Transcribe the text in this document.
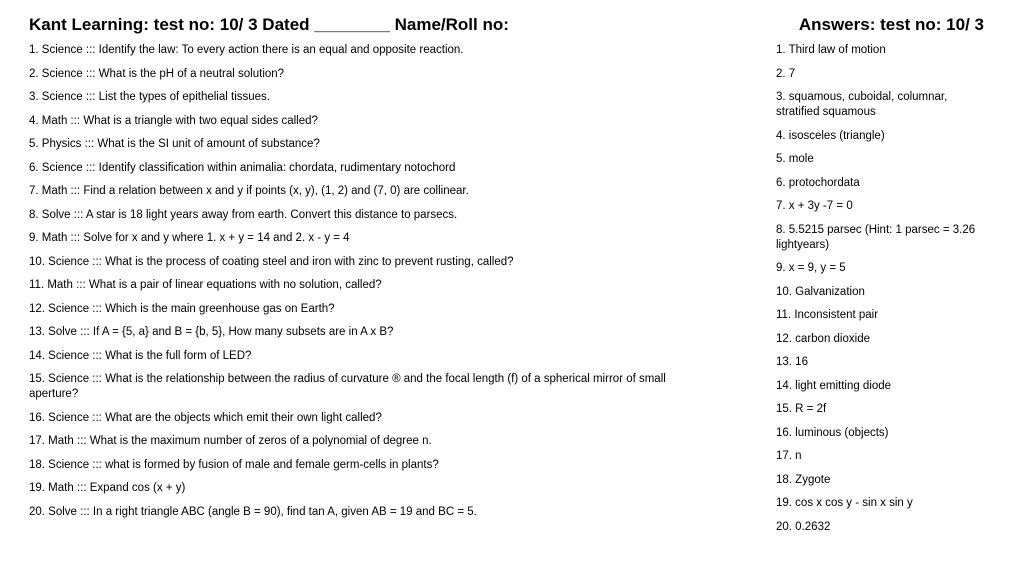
Kant Learning: test no: 10/ 3 Dated ________ Name/Roll no:	Answers: test no: 10/ 3
1. Science ::: Identify the law: To every action there is an equal and opposite reaction.
2. Science ::: What is the pH of a neutral solution?
3. Science ::: List the types of epithelial tissues.
4. Math ::: What is a triangle with two equal sides called?
5. Physics ::: What is the SI unit of amount of substance?
6. Science ::: Identify classification within animalia: chordata, rudimentary notochord
7. Math ::: Find a relation between x and y if points (x, y), (1, 2) and (7, 0) are collinear.
8. Solve ::: A star is 18 light years away from earth. Convert this distance to parsecs.
9. Math ::: Solve for x and y where 1. x + y = 14 and 2. x - y = 4
10. Science ::: What is the process of coating steel and iron with zinc to prevent rusting, called?
11. Math ::: What is a pair of linear equations with no solution, called?
12. Science ::: Which is the main greenhouse gas on Earth?
13. Solve ::: If A = {5, a} and B = {b, 5}, How many subsets are in A x B?
14. Science ::: What is the full form of LED?
15. Science ::: What is the relationship between the radius of curvature ® and the focal length (f) of a spherical mirror of small aperture?
16. Science ::: What are the objects which emit their own light called?
17. Math ::: What is the maximum number of zeros of a polynomial of degree n.
18. Science ::: what is formed by fusion of male and female germ-cells in plants?
19. Math ::: Expand cos (x + y)
20. Solve ::: In a right triangle ABC (angle B = 90), find tan A, given AB = 19 and BC = 5.
1. Third law of motion
2. 7
3. squamous, cuboidal, columnar, stratified squamous
4. isosceles (triangle)
5. mole
6. protochordata
7. x + 3y -7 = 0
8. 5.5215 parsec (Hint: 1 parsec = 3.26 lightyears)
9. x = 9, y = 5
10. Galvanization
11. Inconsistent pair
12. carbon dioxide
13. 16
14. light emitting diode
15. R = 2f
16. luminous (objects)
17. n
18. Zygote
19. cos x cos y - sin x sin y
20. 0.2632
